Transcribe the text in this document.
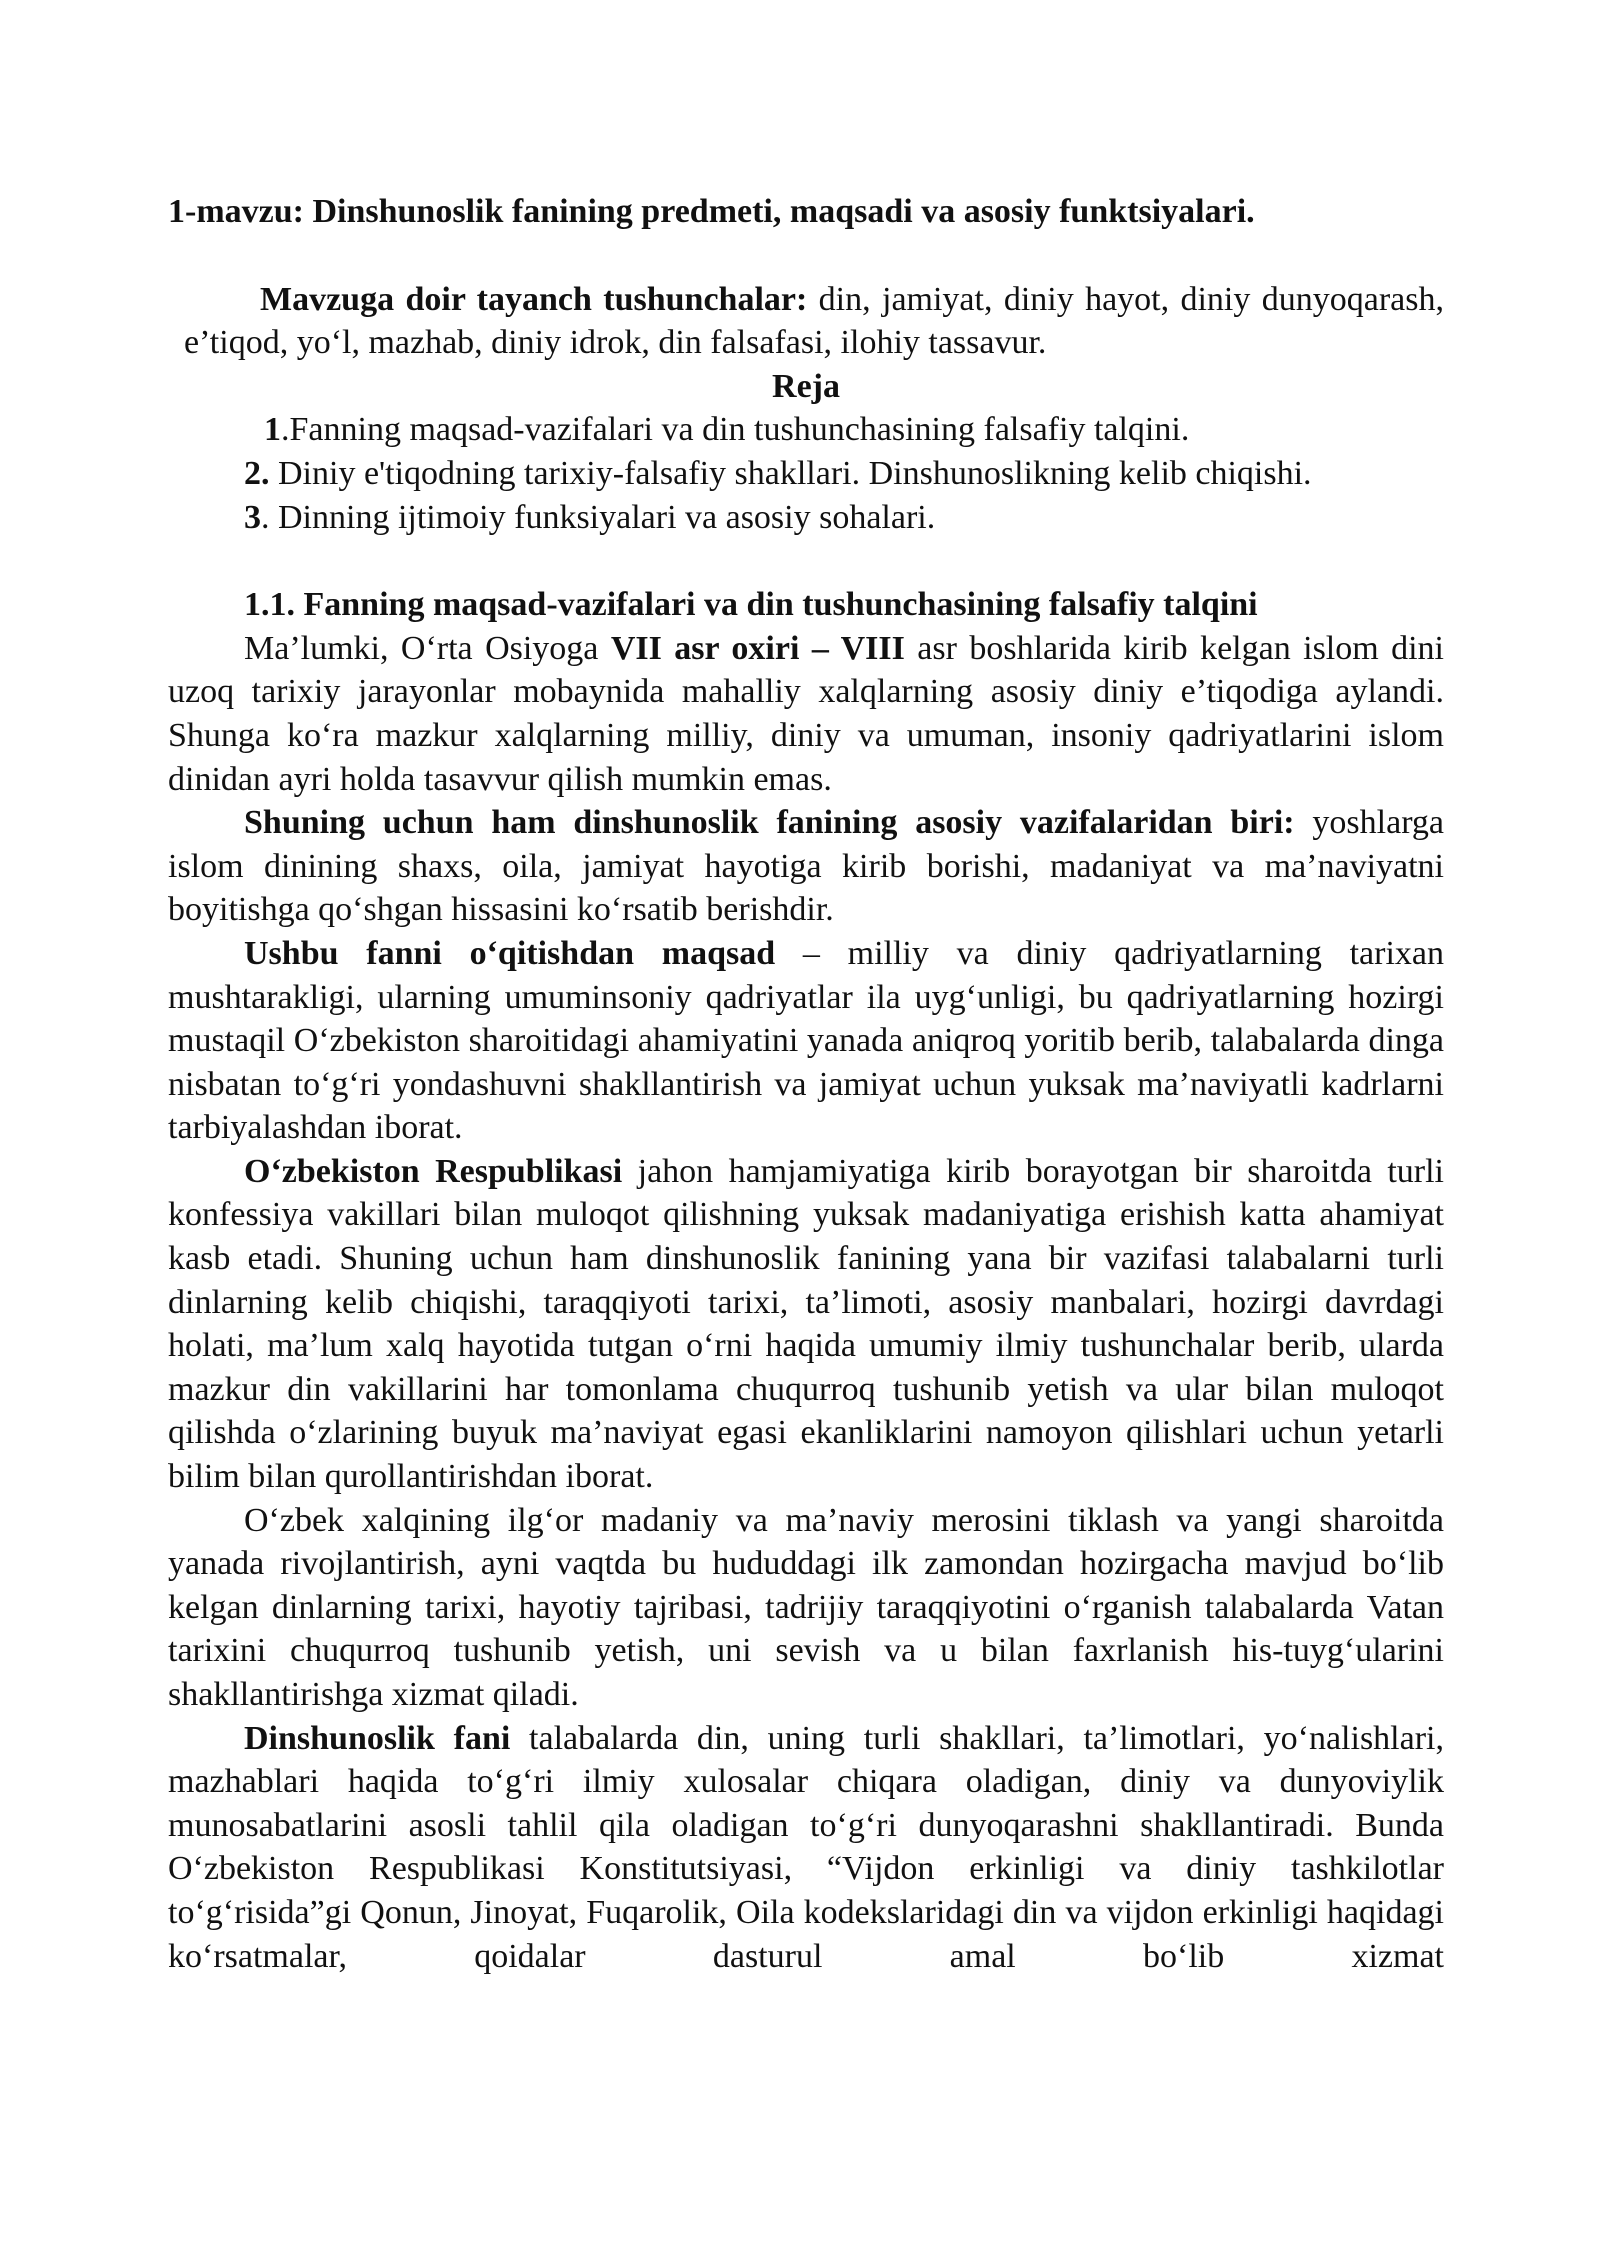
1-mavzu: Dinshunoslik fanining predmeti, maqsadi va asosiy funktsiyalari.

Mavzuga doir tayanch tushunchalar: din, jamiyat, diniy hayot, diniy dunyoqarash, e’tiqod, yo‘l, mazhab, diniy idrok, din falsafasi, ilohiy tassavur.

Reja

1.Fanning maqsad-vazifalari va din tushunchasining falsafiy talqini.

2. Diniy e'tiqodning tarixiy-falsafiy shakllari. Dinshunoslikning kelib chiqishi.

3. Dinning ijtimoiy funksiyalari va asosiy sohalari.

1.1. Fanning maqsad-vazifalari va din tushunchasining falsafiy talqini

Ma’lumki, O‘rta Osiyoga VII asr oxiri – VIII asr boshlarida kirib kelgan islom dini uzoq tarixiy jarayonlar mobaynida mahalliy xalqlarning asosiy diniy e’tiqodiga aylandi. Shunga ko‘ra mazkur xalqlarning milliy, diniy va umuman, insoniy qadriyatlarini islom dinidan ayri holda tasavvur qilish mumkin emas.

Shuning uchun ham dinshunoslik fanining asosiy vazifalaridan biri: yoshlarga islom dinining shaxs, oila, jamiyat hayotiga kirib borishi, madaniyat va ma’naviyatni boyitishga qo‘shgan hissasini ko‘rsatib berishdir.

Ushbu fanni o‘qitishdan maqsad – milliy va diniy qadriyatlarning tarixan mushtarakligi, ularning umuminsoniy qadriyatlar ila uyg‘unligi, bu qadriyatlarning hozirgi mustaqil O‘zbekiston sharoitidagi ahamiyatini yanada aniqroq yoritib berib, talabalarda dinga nisbatan to‘g‘ri yondashuvni shakllantirish va jamiyat uchun yuksak ma’naviyatli kadrlarni tarbiyalashdan iborat.

O‘zbekiston Respublikasi jahon hamjamiyatiga kirib borayotgan bir sharoitda turli konfessiya vakillari bilan muloqot qilishning yuksak madaniyatiga erishish katta ahamiyat kasb etadi. Shuning uchun ham dinshunoslik fanining yana bir vazifasi talabalarni turli dinlarning kelib chiqishi, taraqqiyoti tarixi, ta’limoti, asosiy manbalari, hozirgi davrdagi holati, ma’lum xalq hayotida tutgan o‘rni haqida umumiy ilmiy tushunchalar berib, ularda mazkur din vakillarini har tomonlama chuqurroq tushunib yetish va ular bilan muloqot qilishda o‘zlarining buyuk ma’naviyat egasi ekanliklarini namoyon qilishlari uchun yetarli bilim bilan qurollantirishdan iborat.

O‘zbek xalqining ilg‘or madaniy va ma’naviy merosini tiklash va yangi sharoitda yanada rivojlantirish, ayni vaqtda bu hududdagi ilk zamondan hozirgacha mavjud bo‘lib kelgan dinlarning tarixi, hayotiy tajribasi, tadrijiy taraqqiyotini o‘rganish talabalarda Vatan tarixini chuqurroq tushunib yetish, uni sevish va u bilan faxrlanish his-tuyg‘ularini shakllantirishga xizmat qiladi.

Dinshunoslik fani talabalarda din, uning turli shakllari, ta’limotlari, yo‘nalishlari, mazhablari haqida to‘g‘ri ilmiy xulosalar chiqara oladigan, diniy va dunyoviylik munosabatlarini asosli tahlil qila oladigan to‘g‘ri dunyoqarashni shakllantiradi. Bunda O‘zbekiston Respublikasi Konstitutsiyasi, “Vijdon erkinligi va diniy tashkilotlar to‘g‘risida”gi Qonun, Jinoyat, Fuqarolik, Oila kodekslaridagi din va vijdon erkinligi haqidagi ko‘rsatmalar, qoidalar dasturul amal bo‘lib xizmat
